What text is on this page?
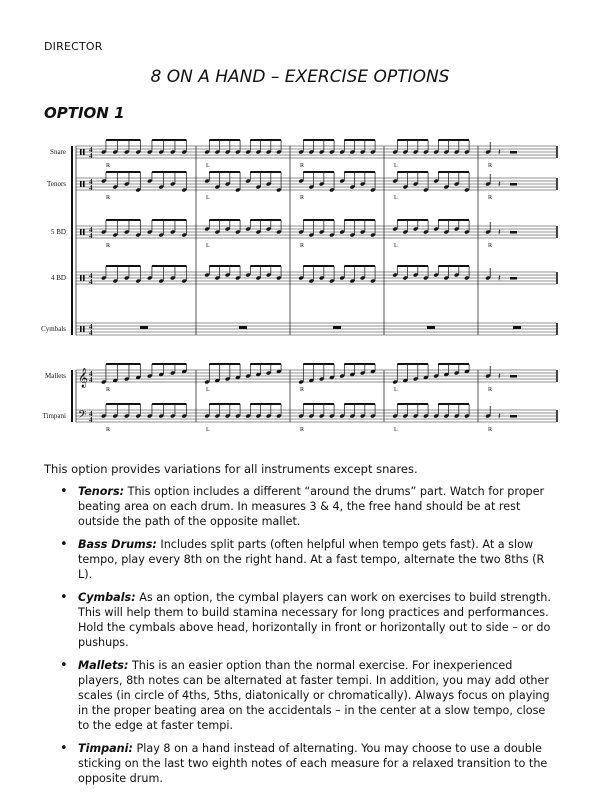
DIRECTOR
8 ON A HAND – EXERCISE OPTIONS
OPTION 1
Snare	4
4	𝄽
R	L	R	L	R
Tenors	4
4	𝄽
R	L	R	L	R
5 BD	4
4	𝄽
R	L	R	L	R
4 BD	4
4	𝄽
Cymbals	4
4
Mallets 𝄞 4
4	𝄽
R	L	R	L	R
Timpani 𝄢 4
4	𝄽
R	L	R	L	R
This option provides variations for all instruments except snares.
• Tenors: This option includes a different “around the drums” part. Watch for proper beating area on each drum. In measures 3 & 4, the free hand should be at rest outside the path of the opposite mallet.
• Bass Drums: Includes split parts (often helpful when tempo gets fast). At a slow tempo, play every 8th on the right hand. At a fast tempo, alternate the two 8ths (R L).
• Cymbals: As an option, the cymbal players can work on exercises to build strength. This will help them to build stamina necessary for long practices and performances. Hold the cymbals above head, horizontally in front or horizontally out to side – or do pushups.
• Mallets: This is an easier option than the normal exercise. For inexperienced players, 8th notes can be alternated at faster tempi. In addition, you may add other scales (in circle of 4ths, 5ths, diatonically or chromatically). Always focus on playing in the proper beating area on the accidentals – in the center at a slow tempo, close to the edge at faster tempi.
• Timpani: Play 8 on a hand instead of alternating. You may choose to use a double sticking on the last two eighth notes of each measure for a relaxed transition to the opposite drum.
